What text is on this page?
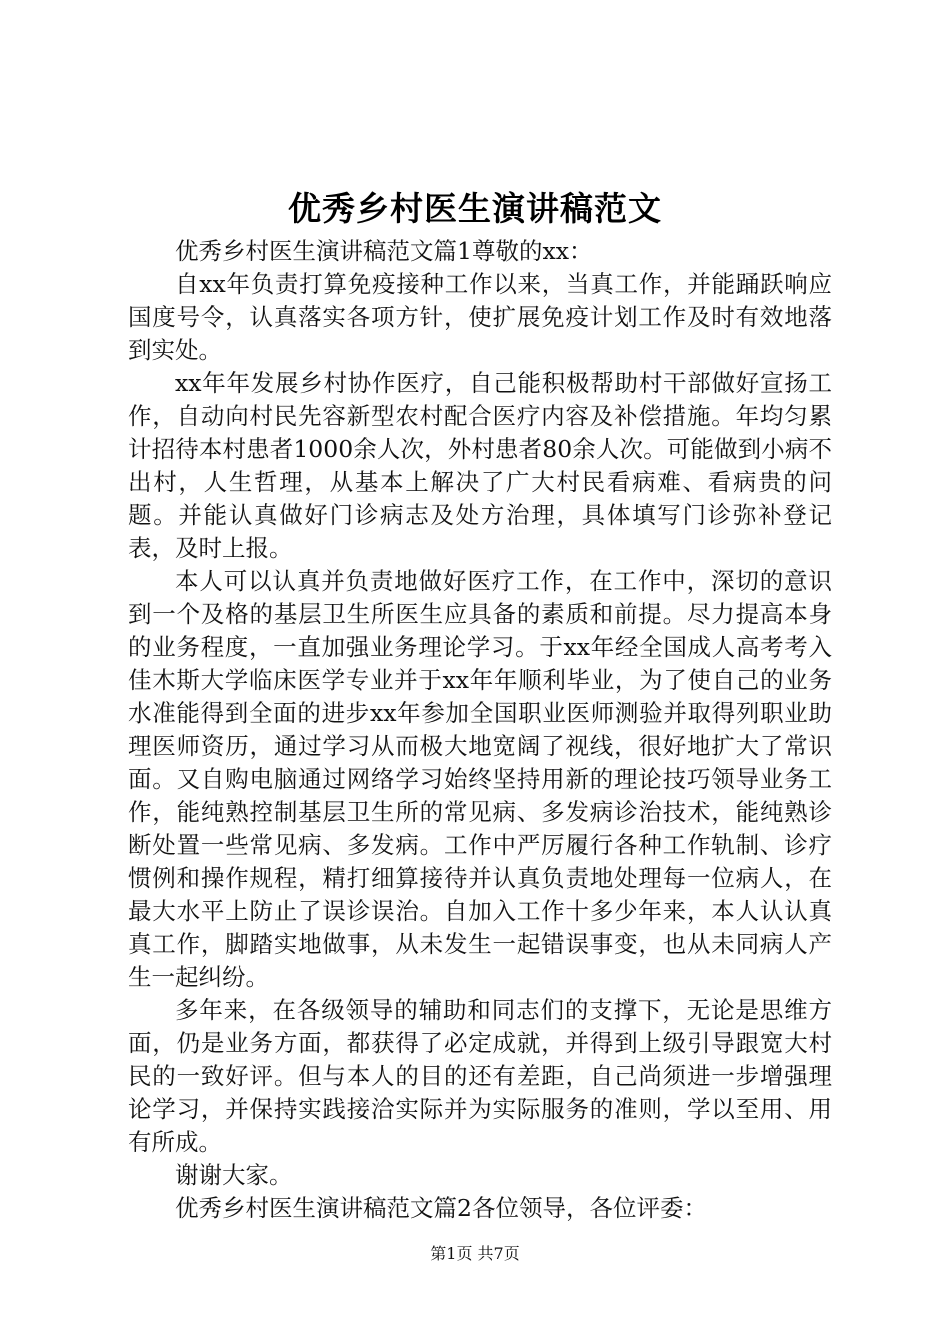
优秀乡村医生演讲稿范文

优秀乡村医生演讲稿范文篇1尊敬的xx：

自xx年负责打算免疫接种工作以来，当真工作，并能踊跃响应国度号令，认真落实各项方针，使扩展免疫计划工作及时有效地落到实处。

xx年年发展乡村协作医疗，自己能积极帮助村干部做好宣扬工作，自动向村民先容新型农村配合医疗内容及补偿措施。年均匀累计招待本村患者1000余人次，外村患者80余人次。可能做到小病不出村，人生哲理，从基本上解决了广大村民看病难、看病贵的问题。并能认真做好门诊病志及处方治理，具体填写门诊弥补登记表，及时上报。

本人可以认真并负责地做好医疗工作，在工作中，深切的意识到一个及格的基层卫生所医生应具备的素质和前提。尽力提高本身的业务程度，一直加强业务理论学习。于xx年经全国成人高考考入佳木斯大学临床医学专业并于xx年年顺利毕业，为了使自己的业务水准能得到全面的进步xx年参加全国职业医师测验并取得列职业助理医师资历，通过学习从而极大地宽阔了视线，很好地扩大了常识面。又自购电脑通过网络学习始终坚持用新的理论技巧领导业务工作，能纯熟控制基层卫生所的常见病、多发病诊治技术，能纯熟诊断处置一些常见病、多发病。工作中严厉履行各种工作轨制、诊疗惯例和操作规程，精打细算接待并认真负责地处理每一位病人，在最大水平上防止了误诊误治。自加入工作十多少年来，本人认认真真工作，脚踏实地做事，从未发生一起错误事变，也从未同病人产生一起纠纷。

多年来，在各级领导的辅助和同志们的支撑下，无论是思维方面，仍是业务方面，都获得了必定成就，并得到上级引导跟宽大村民的一致好评。但与本人的目的还有差距，自己尚须进一步增强理论学习，并保持实践接洽实际并为实际服务的准则，学以至用、用有所成。

谢谢大家。

优秀乡村医生演讲稿范文篇2各位领导，各位评委：

第1页 共7页
